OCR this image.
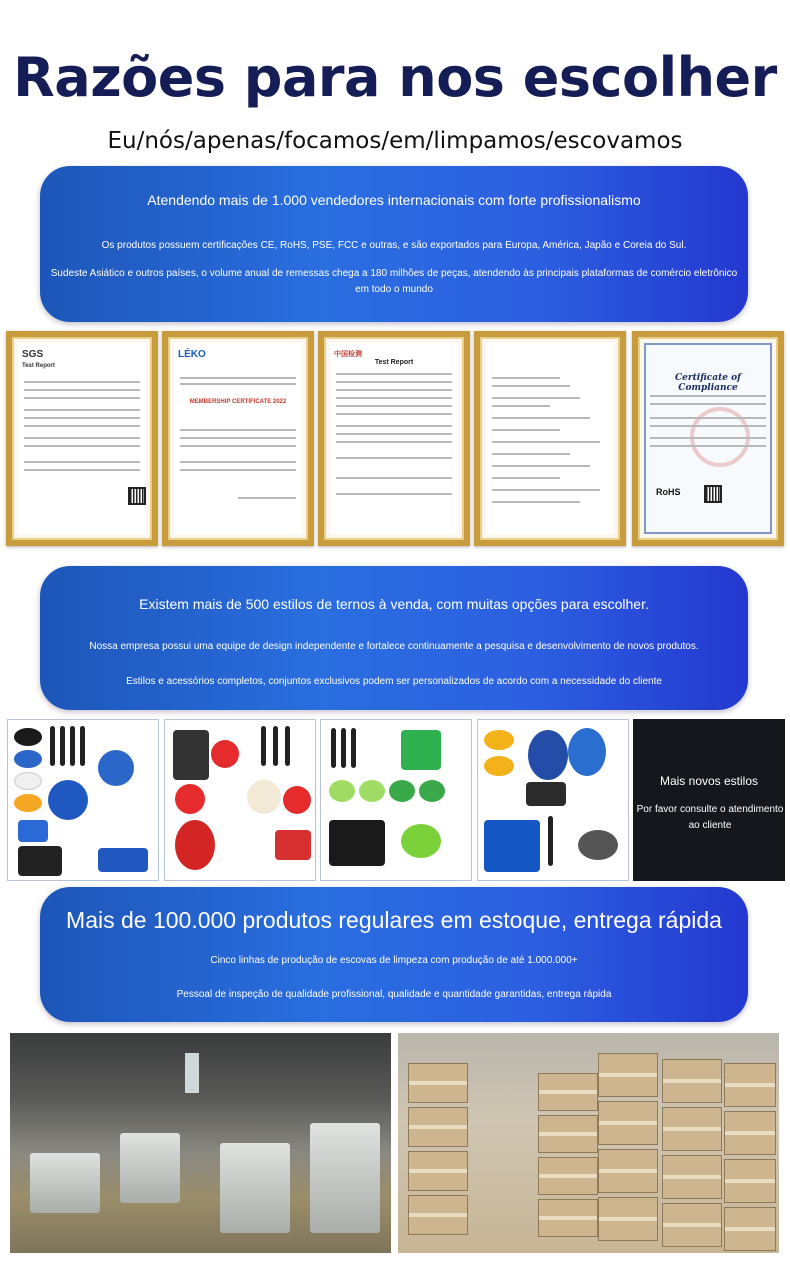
Razões para nos escolher
Eu/nós/apenas/focamos/em/limpamos/escovamos
Atendendo mais de 1.000 vendedores internacionais com forte profissionalismo
Os produtos possuem certificações CE, RoHS, PSE, FCC e outras, e são exportados para Europa, América, Japão e Coreia do Sul.
Sudeste Asiático e outros países, o volume anual de remessas chega a 180 milhões de peças, atendendo às principais plataformas de comércio eletrônico em todo o mundo
SGS
Test Report
LÉKO
MEMBERSHIP CERTIFICATE 2022
中国检测
Test Report
Certificate of Compliance
RoHS
Existem mais de 500 estilos de ternos à venda, com muitas opções para escolher.
Nossa empresa possui uma equipe de design independente e fortalece continuamente a pesquisa e desenvolvimento de novos produtos.
Estilos e acessórios completos, conjuntos exclusivos podem ser personalizados de acordo com a necessidade do cliente
Mais novos estilos
Por favor consulte o atendimento ao cliente
Mais de 100.000 produtos regulares em estoque, entrega rápida
Cinco linhas de produção de escovas de limpeza com produção de até 1.000.000+
Pessoal de inspeção de qualidade profissional, qualidade e quantidade garantidas, entrega rápida
